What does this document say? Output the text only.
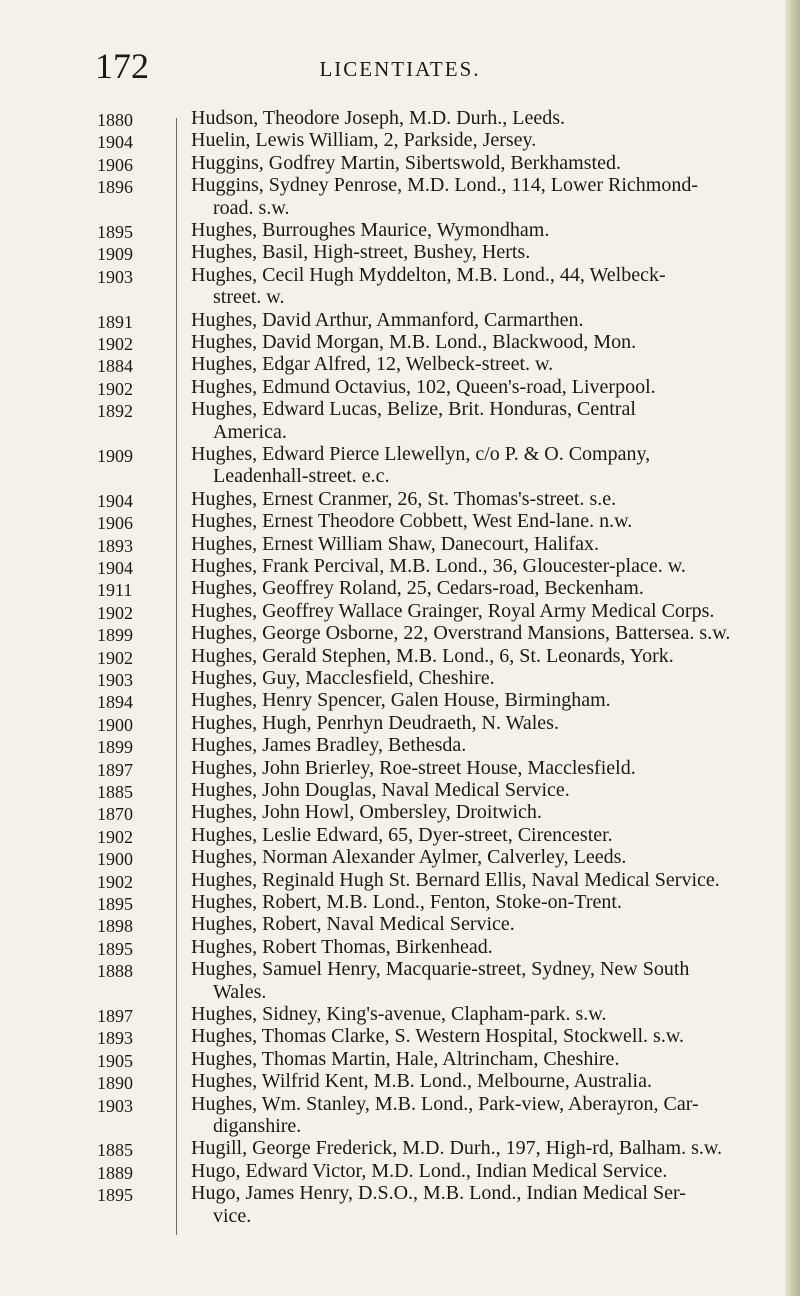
172	LICENTIATES.
1880	Hudson, Theodore Joseph, M.D. Durh., Leeds.
1904	Huelin, Lewis William, 2, Parkside, Jersey.
1906	Huggins, Godfrey Martin, Sibertswold, Berkhamsted.
1896	Huggins, Sydney Penrose, M.D. Lond., 114, Lower Richmond-
road. s.w.
1895	Hughes, Burroughes Maurice, Wymondham.
1909	Hughes, Basil, High-street, Bushey, Herts.
1903	Hughes, Cecil Hugh Myddelton, M.B. Lond., 44, Welbeck-
street. w.
1891	Hughes, David Arthur, Ammanford, Carmarthen.
1902	Hughes, David Morgan, M.B. Lond., Blackwood, Mon.
1884	Hughes, Edgar Alfred, 12, Welbeck-street. w.
1902	Hughes, Edmund Octavius, 102, Queen's-road, Liverpool.
1892	Hughes, Edward Lucas, Belize, Brit. Honduras, Central
America.
1909	Hughes, Edward Pierce Llewellyn, c/o P. & O. Company,
Leadenhall-street. e.c.
1904	Hughes, Ernest Cranmer, 26, St. Thomas's-street. s.e.
1906	Hughes, Ernest Theodore Cobbett, West End-lane. n.w.
1893	Hughes, Ernest William Shaw, Danecourt, Halifax.
1904	Hughes, Frank Percival, M.B. Lond., 36, Gloucester-place. w.
1911	Hughes, Geoffrey Roland, 25, Cedars-road, Beckenham.
1902	Hughes, Geoffrey Wallace Grainger, Royal Army Medical Corps.
1899	Hughes, George Osborne, 22, Overstrand Mansions, Battersea. s.w.
1902	Hughes, Gerald Stephen, M.B. Lond., 6, St. Leonards, York.
1903	Hughes, Guy, Macclesfield, Cheshire.
1894	Hughes, Henry Spencer, Galen House, Birmingham.
1900	Hughes, Hugh, Penrhyn Deudraeth, N. Wales.
1899	Hughes, James Bradley, Bethesda.
1897	Hughes, John Brierley, Roe-street House, Macclesfield.
1885	Hughes, John Douglas, Naval Medical Service.
1870	Hughes, John Howl, Ombersley, Droitwich.
1902	Hughes, Leslie Edward, 65, Dyer-street, Cirencester.
1900	Hughes, Norman Alexander Aylmer, Calverley, Leeds.
1902	Hughes, Reginald Hugh St. Bernard Ellis, Naval Medical Service.
1895	Hughes, Robert, M.B. Lond., Fenton, Stoke-on-Trent.
1898	Hughes, Robert, Naval Medical Service.
1895	Hughes, Robert Thomas, Birkenhead.
1888	Hughes, Samuel Henry, Macquarie-street, Sydney, New South
Wales.
1897	Hughes, Sidney, King's-avenue, Clapham-park. s.w.
1893	Hughes, Thomas Clarke, S. Western Hospital, Stockwell. s.w.
1905	Hughes, Thomas Martin, Hale, Altrincham, Cheshire.
1890	Hughes, Wilfrid Kent, M.B. Lond., Melbourne, Australia.
1903	Hughes, Wm. Stanley, M.B. Lond., Park-view, Aberayron, Car-
diganshire.
1885	Hugill, George Frederick, M.D. Durh., 197, High-rd, Balham. s.w.
1889	Hugo, Edward Victor, M.D. Lond., Indian Medical Service.
1895	Hugo, James Henry, D.S.O., M.B. Lond., Indian Medical Ser-
vice.
